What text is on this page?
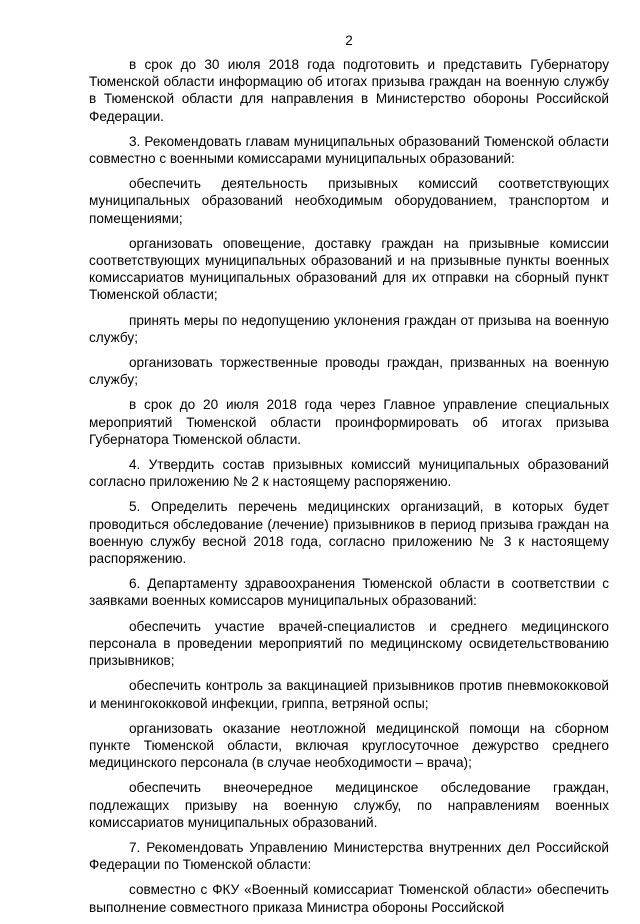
2

в срок до 30 июля 2018 года подготовить и представить Губернатору Тюменской области информацию об итогах призыва граждан на военную службу в Тюменской области для направления в Министерство обороны Российской Федерации.

3. Рекомендовать главам муниципальных образований Тюменской области совместно с военными комиссарами муниципальных образований:

обеспечить деятельность призывных комиссий соответствующих муниципальных образований необходимым оборудованием, транспортом и помещениями;

организовать оповещение, доставку граждан на призывные комиссии соответствующих муниципальных образований и на призывные пункты военных комиссариатов муниципальных образований для их отправки на сборный пункт Тюменской области;

принять меры по недопущению уклонения граждан от призыва на военную службу;

организовать торжественные проводы граждан, призванных на военную службу;

в срок до 20 июля 2018 года через Главное управление специальных мероприятий Тюменской области проинформировать об итогах призыва Губернатора Тюменской области.

4. Утвердить состав призывных комиссий муниципальных образований согласно приложению № 2 к настоящему распоряжению.

5. Определить перечень медицинских организаций, в которых будет проводиться обследование (лечение) призывников в период призыва граждан на военную службу весной 2018 года, согласно приложению № 3 к настоящему распоряжению.

6. Департаменту здравоохранения Тюменской области в соответствии с заявками военных комиссаров муниципальных образований:

обеспечить участие врачей-специалистов и среднего медицинского персонала в проведении мероприятий по медицинскому освидетельствованию призывников;

обеспечить контроль за вакцинацией призывников против пневмококковой и менингококковой инфекции, гриппа, ветряной оспы;

организовать оказание неотложной медицинской помощи на сборном пункте Тюменской области, включая круглосуточное дежурство среднего медицинского персонала (в случае необходимости – врача);

обеспечить внеочередное медицинское обследование граждан, подлежащих призыву на военную службу, по направлениям военных комиссариатов муниципальных образований.

7. Рекомендовать Управлению Министерства внутренних дел Российской Федерации по Тюменской области:

совместно с ФКУ «Военный комиссариат Тюменской области» обеспечить выполнение совместного приказа Министра обороны Российской
